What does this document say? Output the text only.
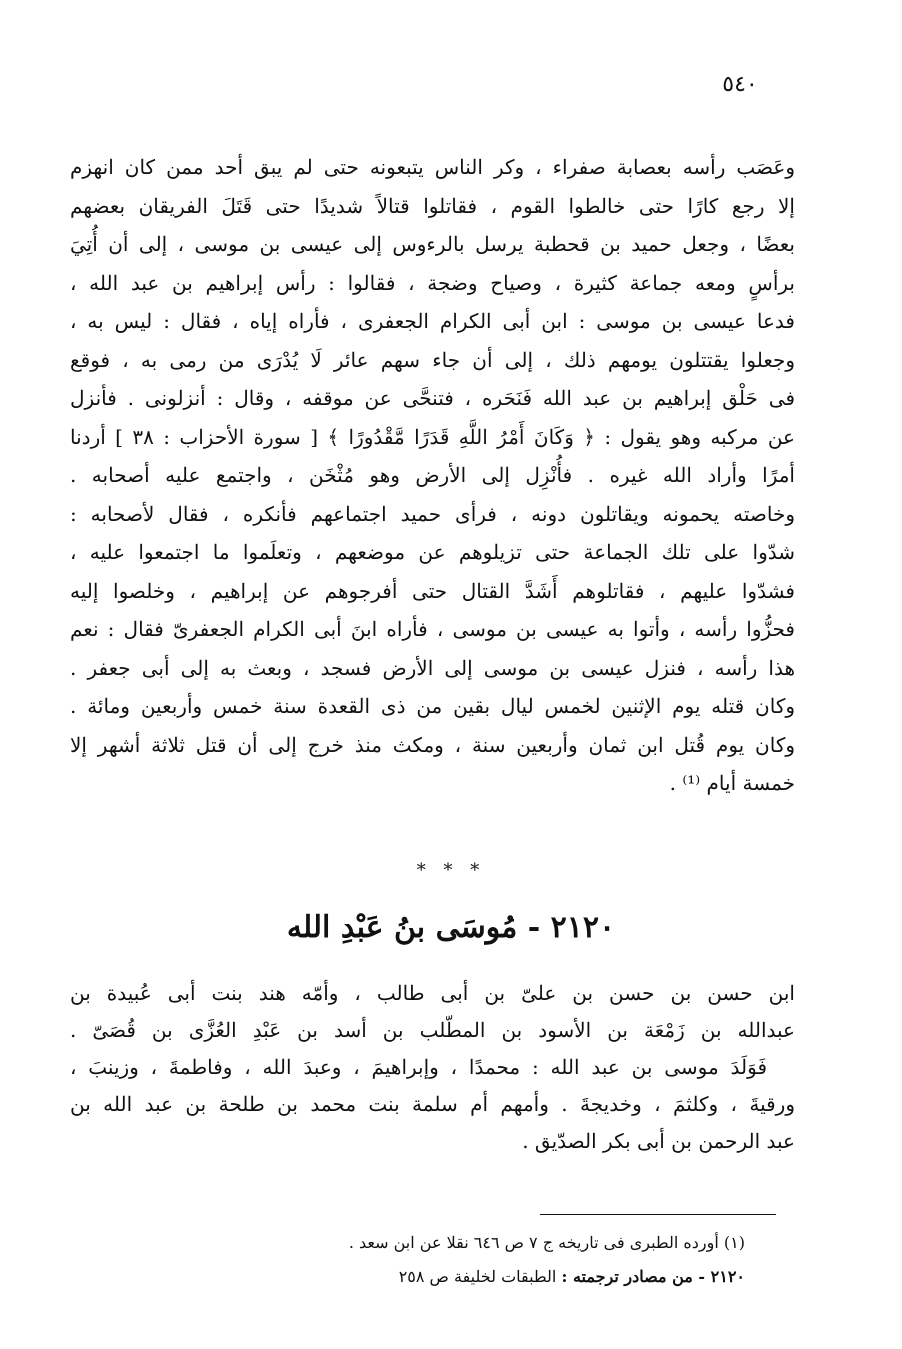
٥٤٠
وعَصَب رأسه بعصابة صفراء ، وكر الناس يتبعونه حتى لم يبق أحد ممن كان انهزم
إلا رجع كارًا حتى خالطوا القوم ، فقاتلوا قتالاً شديدًا حتى قَتَلَ الفريقان بعضهم
بعضًا ، وجعل حميد بن قحطبة يرسل بالرءوس إلى عيسى بن موسى ، إلى أن أُتِيَ
برأسٍ ومعه جماعة كثيرة ، وصياح وضجة ، فقالوا : رأس إبراهيم بن عبد الله ،
فدعا عيسى بن موسى : ابن أبى الكرام الجعفرى ، فأراه إياه ، فقال : ليس به ،
وجعلوا يقتتلون يومهم ذلك ، إلى أن جاء سهم عائر لَا يُدْرَى من رمى به ، فوقع
فى حَلْق إبراهيم بن عبد الله فَنَحَره ، فتنحَّى عن موقفه ، وقال : أنزلونى . فأنزل
عن مركبه وهو يقول : ﴿ وَكَانَ أَمْرُ اللَّهِ قَدَرًا مَّقْدُورًا ﴾ [ سورة الأحزاب : ٣٨ ] أردنا
أمرًا وأراد الله غيره . فأُنْزِل إلى الأرض وهو مُثْخَن ، واجتمع عليه أصحابه .
وخاصته يحمونه ويقاتلون دونه ، فرأى حميد اجتماعهم فأنكره ، فقال لأصحابه :
شدّوا على تلك الجماعة حتى تزيلوهم عن موضعهم ، وتعلَموا ما اجتمعوا عليه ،
فشدّوا عليهم ، فقاتلوهم أَشَدَّ القتال حتى أفرجوهم عن إبراهيم ، وخلصوا إليه
فحزُّوا رأسه ، وأتوا به عيسى بن موسى ، فأراه ابنَ أبى الكرام الجعفرىّ فقال : نعم
هذا رأسه ، فنزل عيسى بن موسى إلى الأرض فسجد ، وبعث به إلى أبى جعفر .
وكان قتله يوم الإثنين لخمس ليال بقين من ذى القعدة سنة خمس وأربعين ومائة .
وكان يوم قُتل ابن ثمان وأربعين سنة ، ومكث منذ خرج إلى أن قتل ثلاثة أشهر إلا
خمسة أيام ⁽¹⁾ .
* * *
٢١٢٠ - مُوسَى بنُ عَبْدِ الله
ابن حسن بن حسن بن علىّ بن أبى طالب ، وأمّه هند بنت أبى عُبيدة بن
عبدالله بن زَمْعَة بن الأسود بن المطّلب بن أسد بن عَبْدِ العُزَّى بن قُصَىّ .
فَوَلَدَ موسى بن عبد الله : محمدًا ، وإبراهيمَ ، وعبدَ الله ، وفاطمةَ ، وزينبَ ،
ورقيةَ ، وكلثمَ ، وخديجةَ . وأمهم أم سلمة بنت محمد بن طلحة بن عبد الله بن
عبد الرحمن بن أبى بكر الصدّيق .
(١) أورده الطبرى فى تاريخه ج ٧ ص ٦٤٦ نقلا عن ابن سعد .
٢١٢٠ - من مصادر ترجمته : الطبقات لخليفة ص ٢٥٨
